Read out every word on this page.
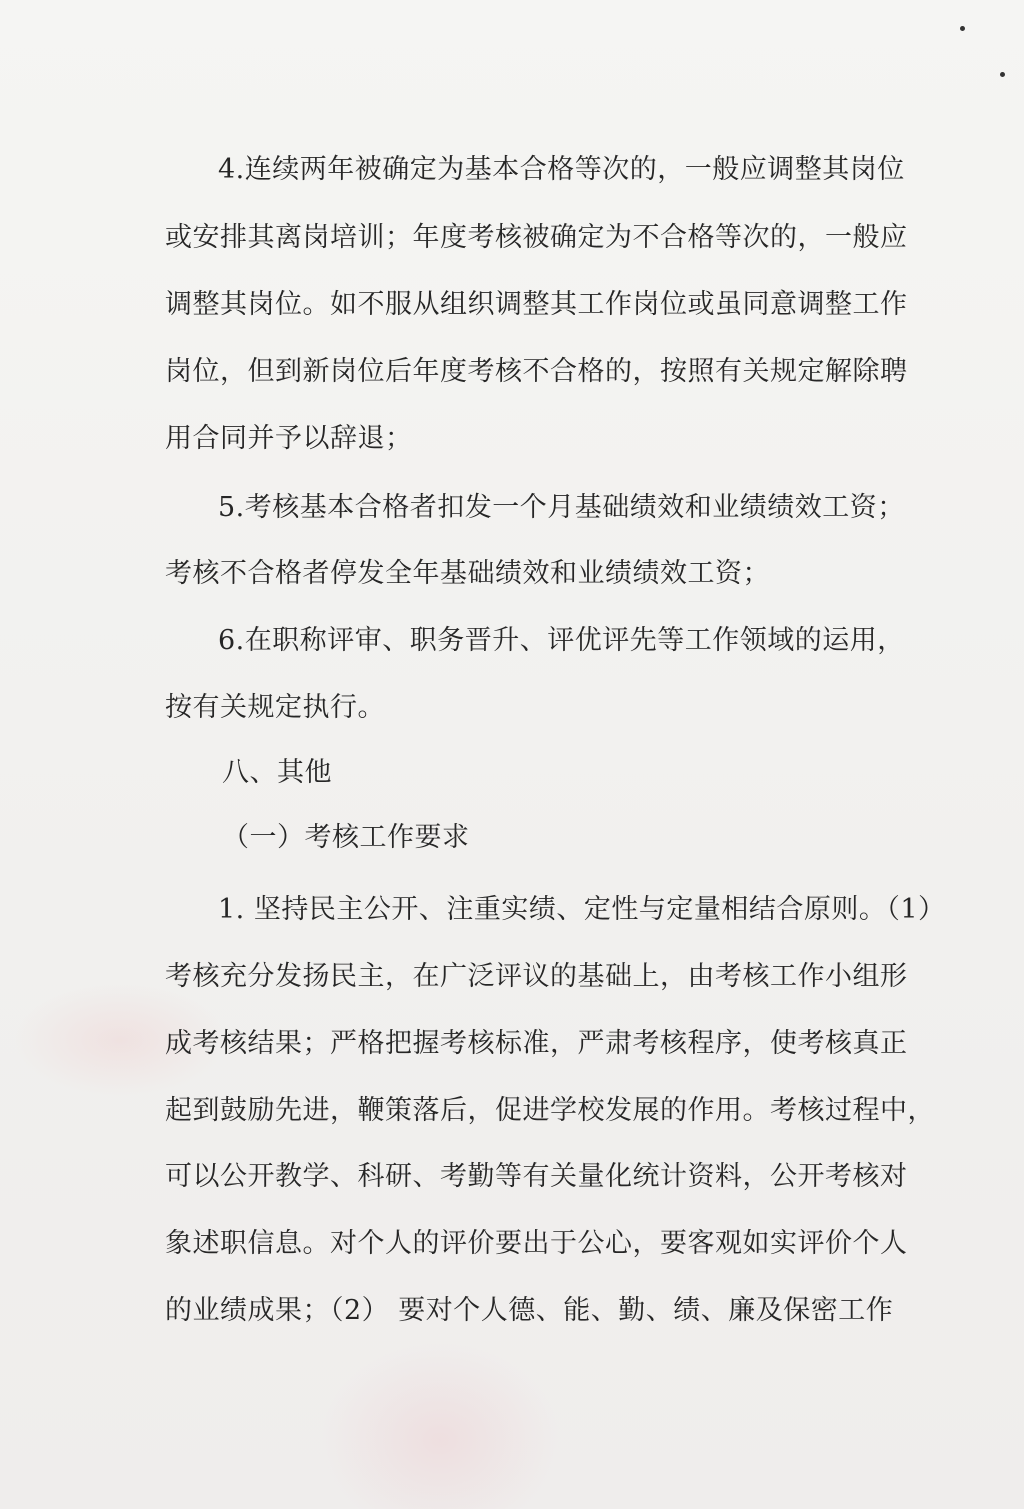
4.连续两年被确定为基本合格等次的，一般应调整其岗位
或安排其离岗培训；年度考核被确定为不合格等次的，一般应
调整其岗位。如不服从组织调整其工作岗位或虽同意调整工作
岗位，但到新岗位后年度考核不合格的，按照有关规定解除聘
用合同并予以辞退；
5.考核基本合格者扣发一个月基础绩效和业绩绩效工资；
考核不合格者停发全年基础绩效和业绩绩效工资；
6.在职称评审、职务晋升、评优评先等工作领域的运用，
按有关规定执行。
八、其他
（一）考核工作要求
1. 坚持民主公开、注重实绩、定性与定量相结合原则。（1）
考核充分发扬民主，在广泛评议的基础上，由考核工作小组形
成考核结果；严格把握考核标准，严肃考核程序，使考核真正
起到鼓励先进，鞭策落后，促进学校发展的作用。考核过程中，
可以公开教学、科研、考勤等有关量化统计资料，公开考核对
象述职信息。对个人的评价要出于公心，要客观如实评价个人
的业绩成果；（2） 要对个人德、能、勤、绩、廉及保密工作
